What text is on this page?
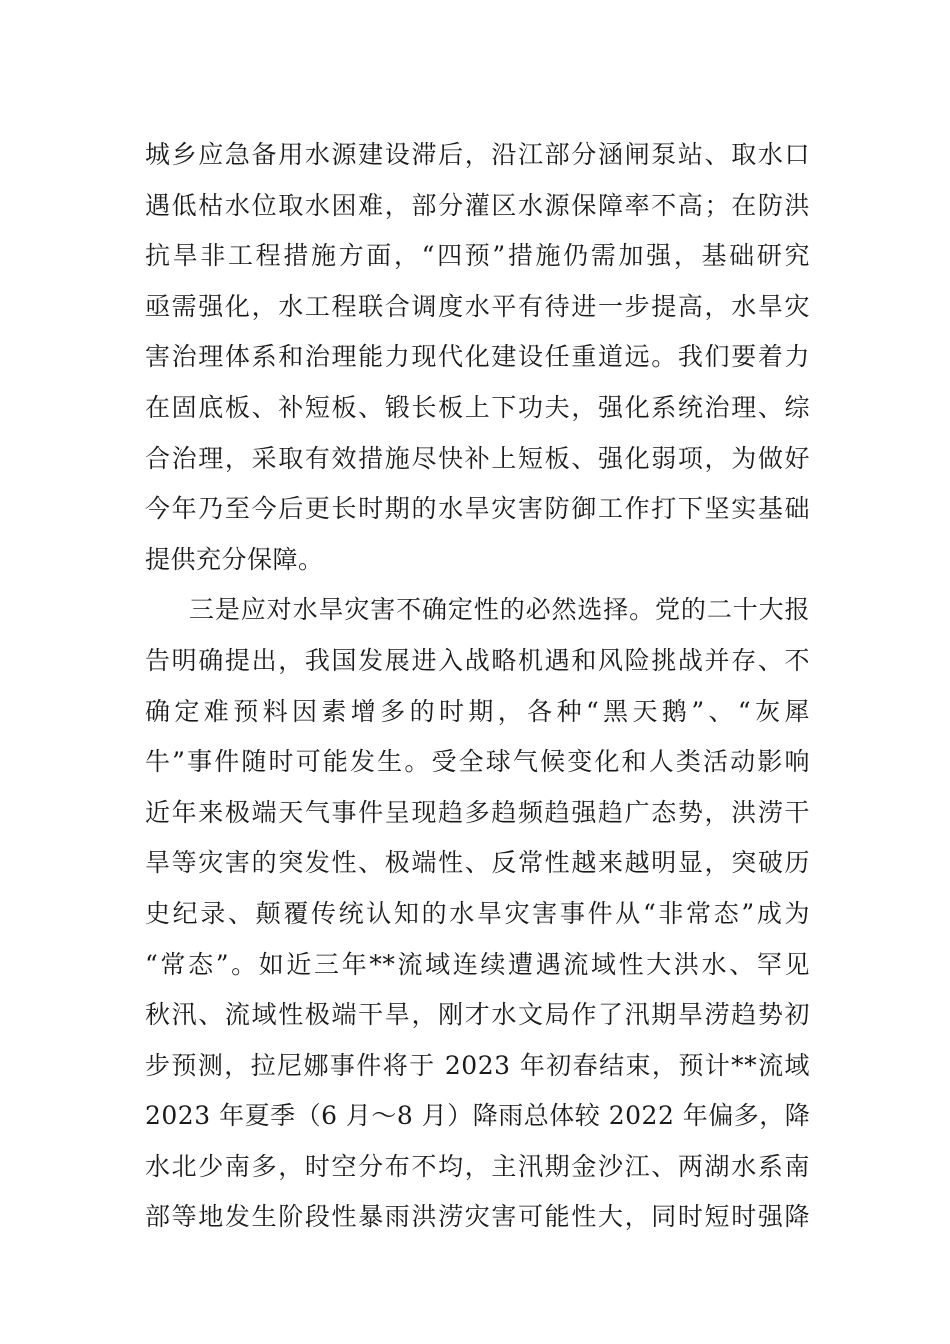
城乡应急备用水源建设滞后，沿江部分涵闸泵站、取水口
遇低枯水位取水困难，部分灌区水源保障率不高；在防洪
抗旱非工程措施方面，“四预”措施仍需加强，基础研究
亟需强化，水工程联合调度水平有待进一步提高，水旱灾
害治理体系和治理能力现代化建设任重道远。我们要着力
在固底板、补短板、锻长板上下功夫，强化系统治理、综
合治理，采取有效措施尽快补上短板、强化弱项，为做好
今年乃至今后更长时期的水旱灾害防御工作打下坚实基础
提供充分保障。
三是应对水旱灾害不确定性的必然选择。党的二十大报
告明确提出，我国发展进入战略机遇和风险挑战并存、不
确定难预料因素增多的时期，各种“黑天鹅”、“灰犀
牛”事件随时可能发生。受全球气候变化和人类活动影响
近年来极端天气事件呈现趋多趋频趋强趋广态势，洪涝干
旱等灾害的突发性、极端性、反常性越来越明显，突破历
史纪录、颠覆传统认知的水旱灾害事件从“非常态”成为
“常态”。如近三年**流域连续遭遇流域性大洪水、罕见
秋汛、流域性极端干旱，刚才水文局作了汛期旱涝趋势初
步预测，拉尼娜事件将于 2023 年初春结束，预计**流域
2023 年夏季（6 月～8 月）降雨总体较 2022 年偏多，降
水北少南多，时空分布不均，主汛期金沙江、两湖水系南
部等地发生阶段性暴雨洪涝灾害可能性大，同时短时强降
